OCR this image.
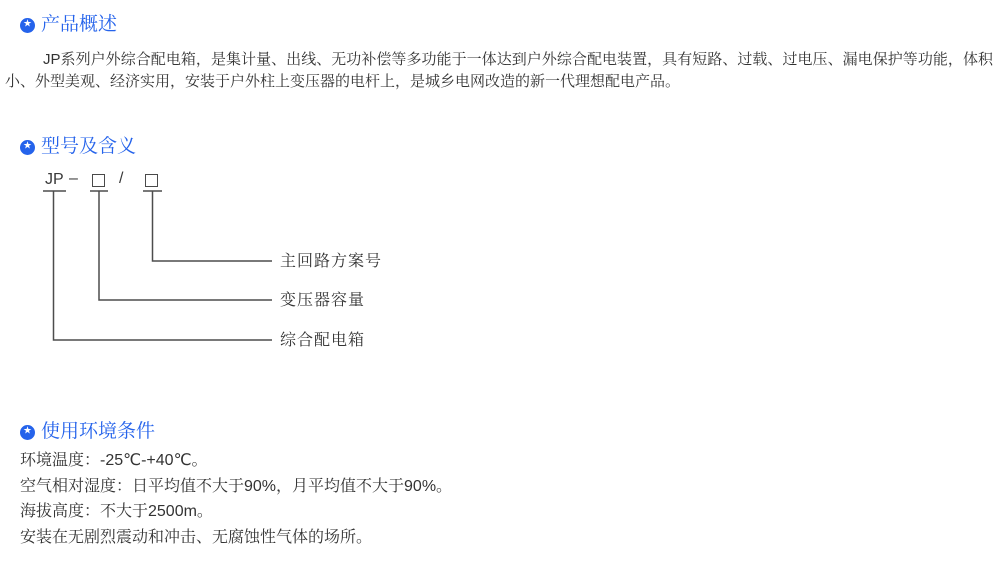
★ 产品概述

JP系列户外综合配电箱，是集计量、出线、无功补偿等多功能于一体达到户外综合配电装置，具有短路、过载、过电压、漏电保护等功能，体积小、外型美观、经济实用，安装于户外柱上变压器的电杆上，是城乡电网改造的新一代理想配电产品。

★ 型号及含义
JP –	/
主回路方案号
变压器容量
综合配电箱
★ 使用环境条件
环境温度：-25℃-+40℃。
空气相对湿度：日平均值不大于90%，月平均值不大于90%。
海拔高度：不大于2500m。
安装在无剧烈震动和冲击、无腐蚀性气体的场所。
